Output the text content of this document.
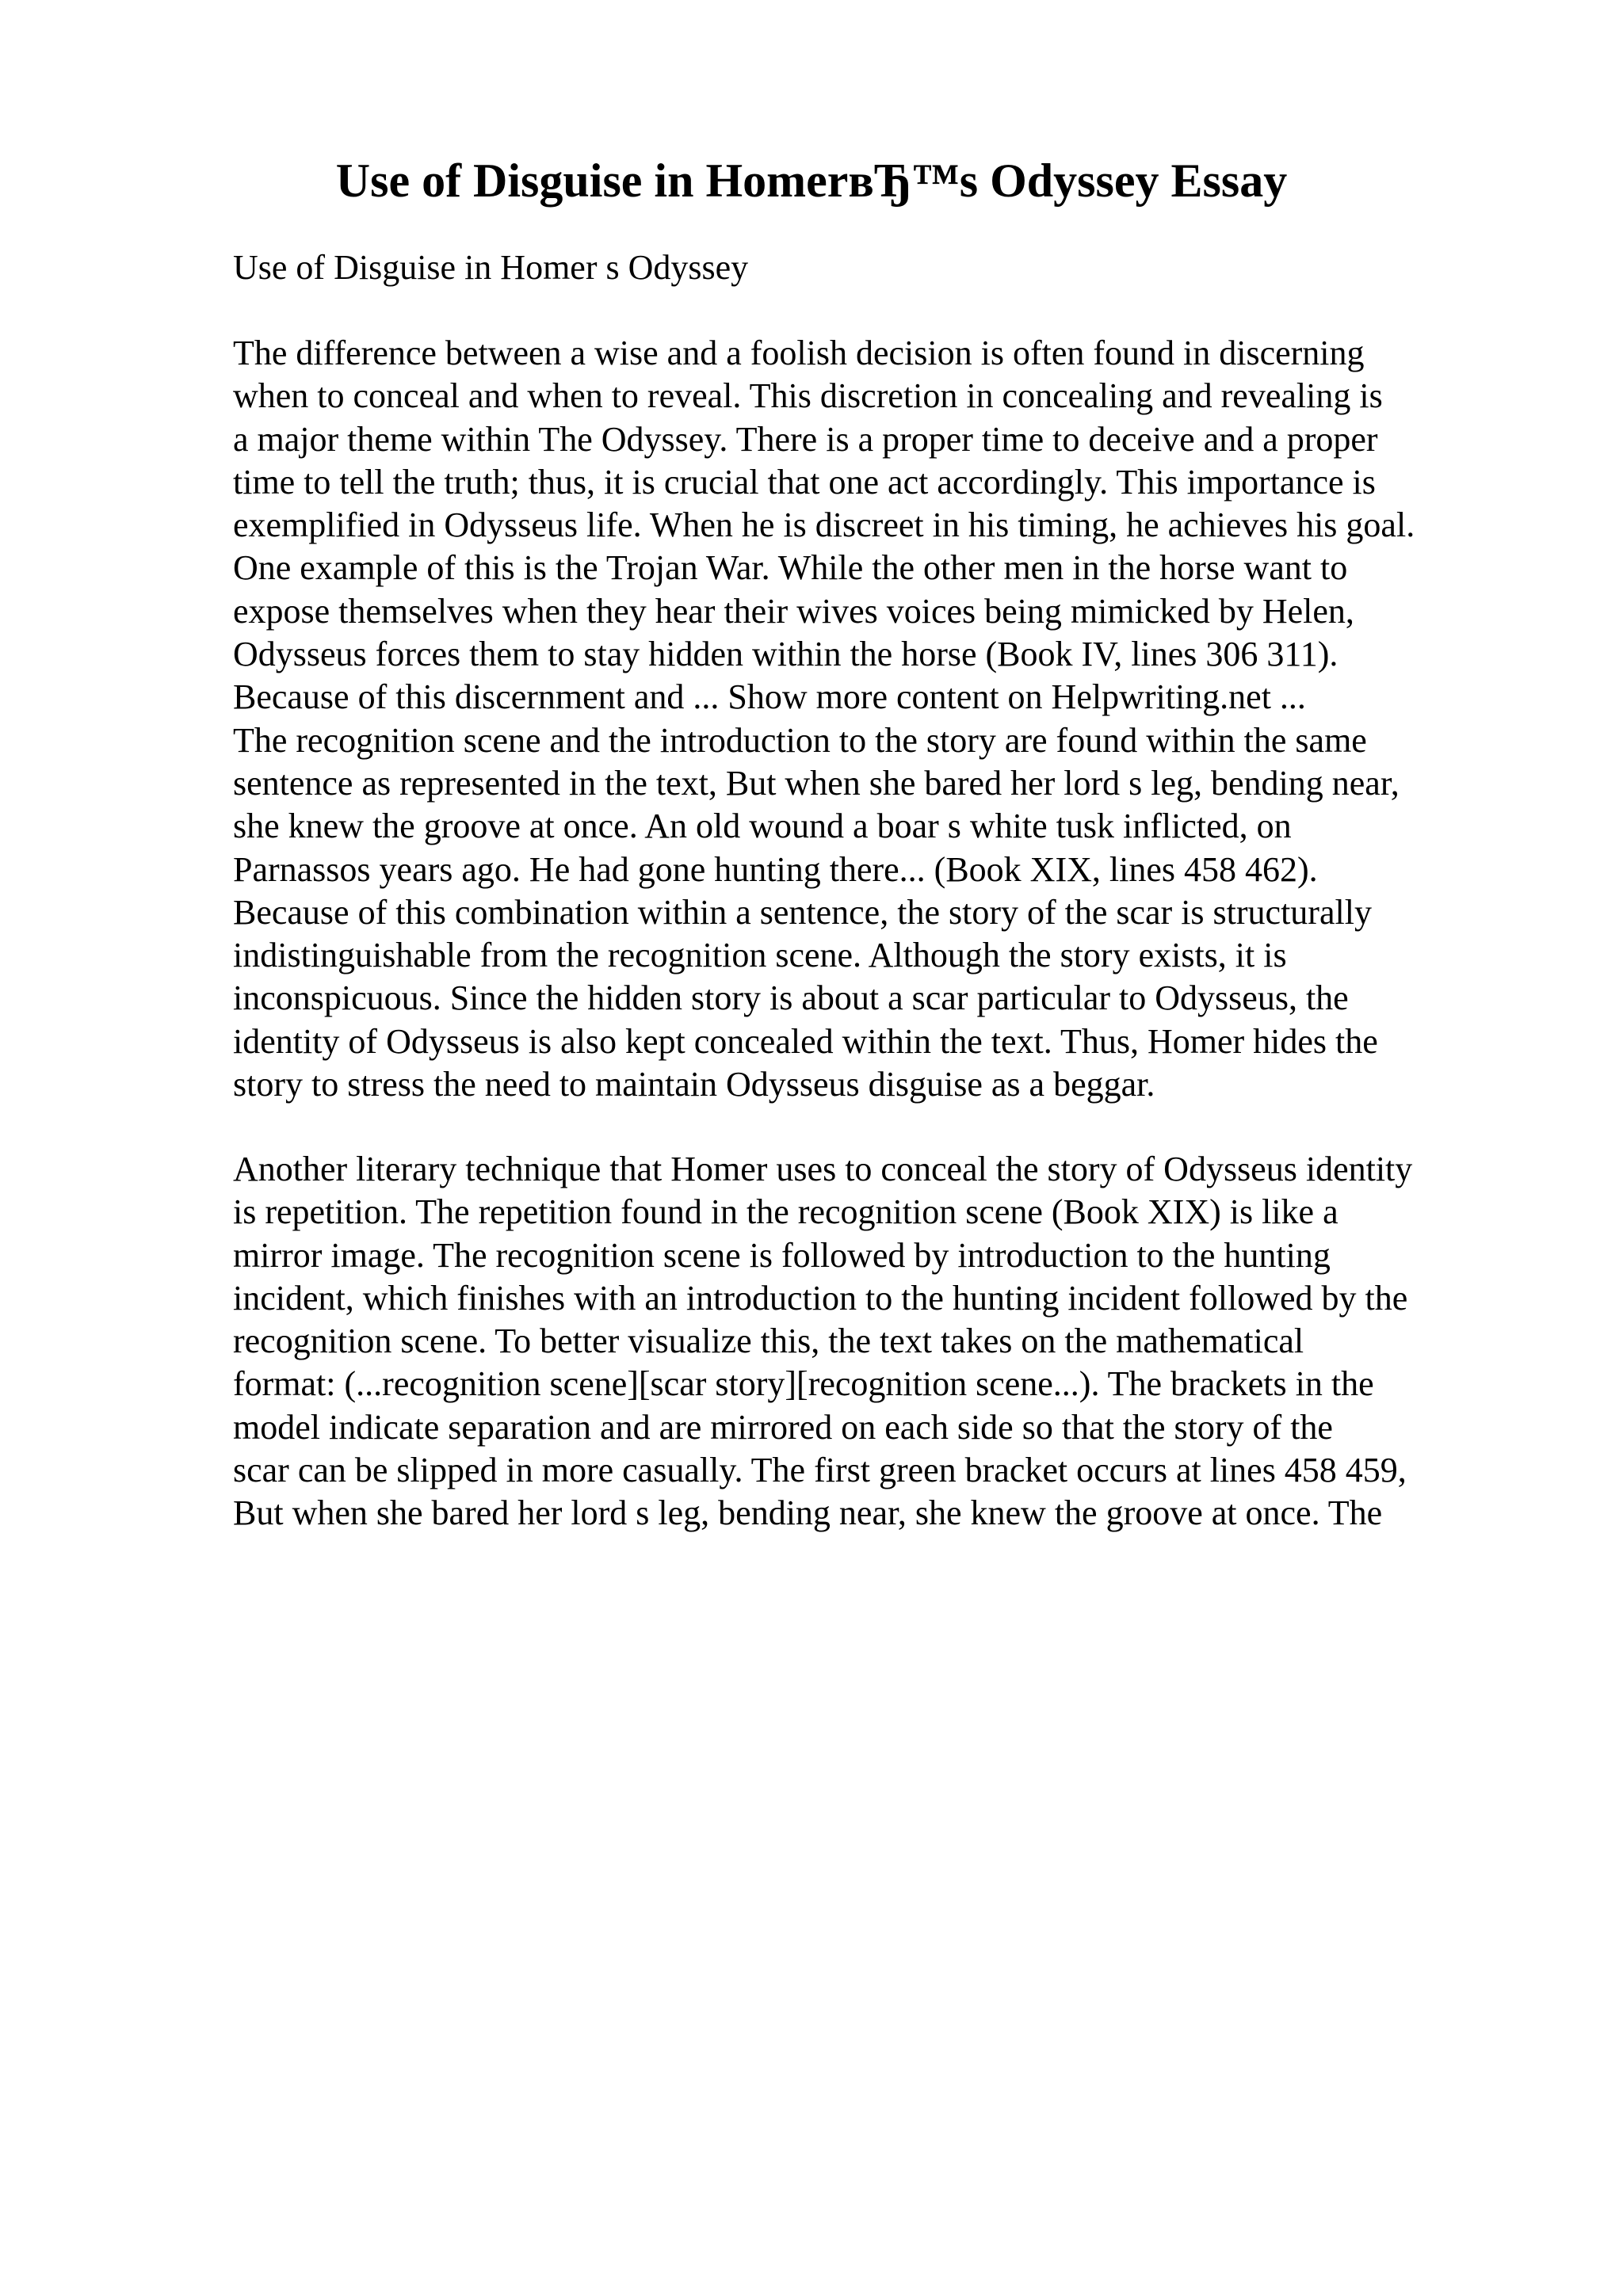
Use of Disguise in HomerвЂ™s Odyssey Essay
Use of Disguise in Homer s Odyssey
The difference between a wise and a foolish decision is often found in discerning
when to conceal and when to reveal. This discretion in concealing and revealing is
a major theme within The Odyssey. There is a proper time to deceive and a proper
time to tell the truth; thus, it is crucial that one act accordingly. This importance is
exemplified in Odysseus life. When he is discreet in his timing, he achieves his goal.
One example of this is the Trojan War. While the other men in the horse want to
expose themselves when they hear their wives voices being mimicked by Helen,
Odysseus forces them to stay hidden within the horse (Book IV, lines 306 311).
Because of this discernment and ... Show more content on Helpwriting.net ...
The recognition scene and the introduction to the story are found within the same
sentence as represented in the text, But when she bared her lord s leg, bending near,
she knew the groove at once. An old wound a boar s white tusk inflicted, on
Parnassos years ago. He had gone hunting there... (Book XIX, lines 458 462).
Because of this combination within a sentence, the story of the scar is structurally
indistinguishable from the recognition scene. Although the story exists, it is
inconspicuous. Since the hidden story is about a scar particular to Odysseus, the
identity of Odysseus is also kept concealed within the text. Thus, Homer hides the
story to stress the need to maintain Odysseus disguise as a beggar.
Another literary technique that Homer uses to conceal the story of Odysseus identity
is repetition. The repetition found in the recognition scene (Book XIX) is like a
mirror image. The recognition scene is followed by introduction to the hunting
incident, which finishes with an introduction to the hunting incident followed by the
recognition scene. To better visualize this, the text takes on the mathematical
format: (...recognition scene][scar story][recognition scene...). The brackets in the
model indicate separation and are mirrored on each side so that the story of the
scar can be slipped in more casually. The first green bracket occurs at lines 458 459,
But when she bared her lord s leg, bending near, she knew the groove at once. The
